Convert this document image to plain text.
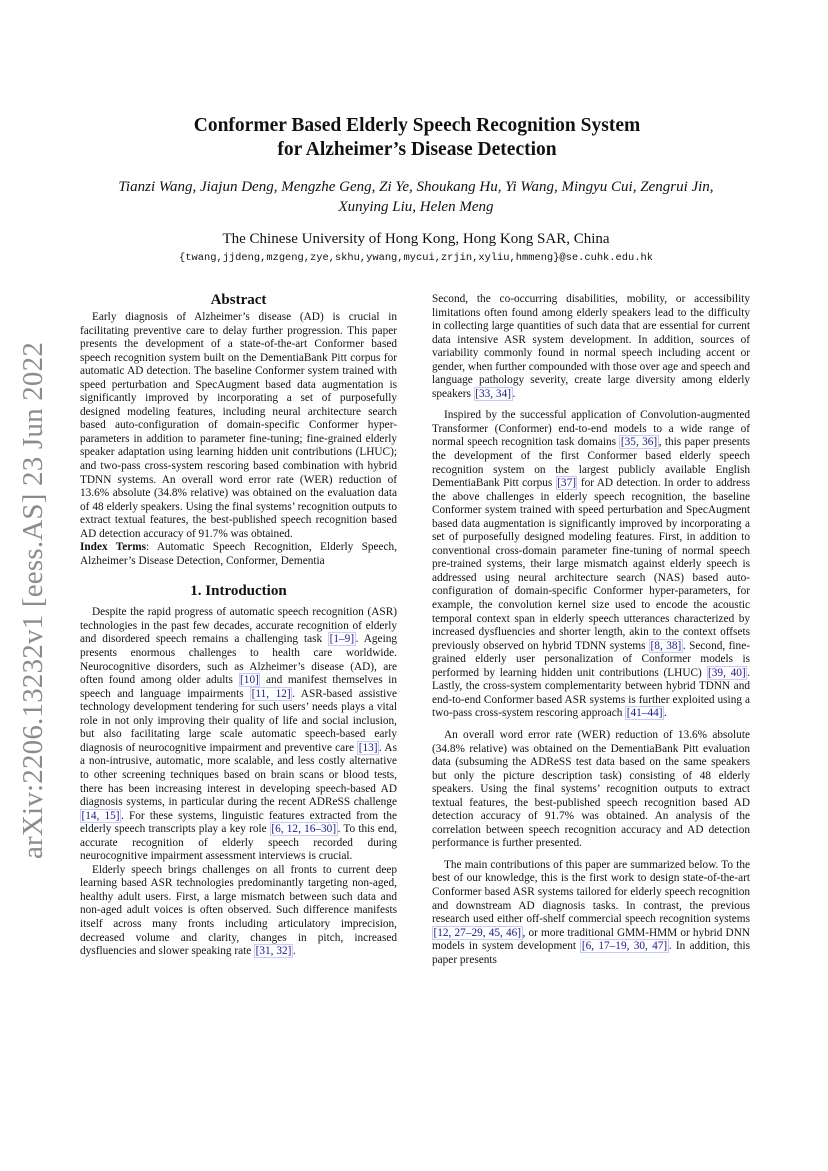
arXiv:2206.13232v1 [eess.AS] 23 Jun 2022
Conformer Based Elderly Speech Recognition System
for Alzheimer’s Disease Detection
Tianzi Wang, Jiajun Deng, Mengzhe Geng, Zi Ye, Shoukang Hu, Yi Wang, Mingyu Cui, Zengrui Jin,
Xunying Liu, Helen Meng
The Chinese University of Hong Kong, Hong Kong SAR, China
{twang,jjdeng,mzgeng,zye,skhu,ywang,mycui,zrjin,xyliu,hmmeng}@se.cuhk.edu.hk
Abstract

Early diagnosis of Alzheimer’s disease (AD) is crucial in facilitating preventive care to delay further progression. This paper presents the development of a state-of-the-art Conformer based speech recognition system built on the DementiaBank Pitt corpus for automatic AD detection. The baseline Conformer system trained with speed perturbation and SpecAugment based data augmentation is significantly improved by incorporating a set of purposefully designed modeling features, including neural architecture search based auto-configuration of domain-specific Conformer hyper-parameters in addition to parameter fine-tuning; fine-grained elderly speaker adaptation using learning hidden unit contributions (LHUC); and two-pass cross-system rescoring based combination with hybrid TDNN systems. An overall word error rate (WER) reduction of 13.6% absolute (34.8% relative) was obtained on the evaluation data of 48 elderly speakers. Using the final systems’ recognition outputs to extract textual features, the best-published speech recognition based AD detection accuracy of 91.7% was obtained.

Index Terms: Automatic Speech Recognition, Elderly Speech, Alzheimer’s Disease Detection, Conformer, Dementia

1. Introduction

Despite the rapid progress of automatic speech recognition (ASR) technologies in the past few decades, accurate recognition of elderly and disordered speech remains a challenging task [1–9] . Ageing presents enormous challenges to health care worldwide. Neurocognitive disorders, such as Alzheimer’s disease (AD), are often found among older adults [10] and manifest themselves in speech and language impairments [11, 12] . ASR-based assistive technology development tendering for such users’ needs plays a vital role in not only improving their quality of life and social inclusion, but also facilitating large scale automatic speech-based early diagnosis of neurocognitive impairment and preventive care [13] . As a non-intrusive, automatic, more scalable, and less costly alternative to other screening techniques based on brain scans or blood tests, there has been increasing interest in developing speech-based AD diagnosis systems, in particular during the recent ADReSS challenge [14, 15] . For these systems, linguistic features extracted from the elderly speech transcripts play a key role [6, 12, 16–30] . To this end, accurate recognition of elderly speech recorded during neurocognitive impairment assessment interviews is crucial.

Elderly speech brings challenges on all fronts to current deep learning based ASR technologies predominantly targeting non-aged, healthy adult users. First, a large mismatch between such data and non-aged adult voices is often observed. Such difference manifests itself across many fronts including articulatory imprecision, decreased volume and clarity, changes in pitch, increased dysfluencies and slower speaking rate [31, 32] .

Second, the co-occurring disabilities, mobility, or accessibility limitations often found among elderly speakers lead to the difficulty in collecting large quantities of such data that are essential for current data intensive ASR system development. In addition, sources of variability commonly found in normal speech including accent or gender, when further compounded with those over age and speech and language pathology severity, create large diversity among elderly speakers [33, 34] .

Inspired by the successful application of Convolution-augmented Transformer (Conformer) end-to-end models to a wide range of normal speech recognition task domains [35, 36] , this paper presents the development of the first Conformer based elderly speech recognition system on the largest publicly available English DementiaBank Pitt corpus [37] for AD detection. In order to address the above challenges in elderly speech recognition, the baseline Conformer system trained with speed perturbation and SpecAugment based data augmentation is significantly improved by incorporating a set of purposefully designed modeling features. First, in addition to conventional cross-domain parameter fine-tuning of normal speech pre-trained systems, their large mismatch against elderly speech is addressed using neural architecture search (NAS) based auto-configuration of domain-specific Conformer hyper-parameters, for example, the convolution kernel size used to encode the acoustic temporal context span in elderly speech utterances characterized by increased dysfluencies and shorter length, akin to the context offsets previously observed on hybrid TDNN systems [8, 38] . Second, fine-grained elderly user personalization of Conformer models is performed by learning hidden unit contributions (LHUC) [39, 40] . Lastly, the cross-system complementarity between hybrid TDNN and end-to-end Conformer based ASR systems is further exploited using a two-pass cross-system rescoring approach [41–44] .

An overall word error rate (WER) reduction of 13.6% absolute (34.8% relative) was obtained on the DementiaBank Pitt evaluation data (subsuming the ADReSS test data based on the same speakers but only the picture description task) consisting of 48 elderly speakers. Using the final systems’ recognition outputs to extract textual features, the best-published speech recognition based AD detection accuracy of 91.7% was obtained. An analysis of the correlation between speech recognition accuracy and AD detection performance is further presented.

The main contributions of this paper are summarized below. To the best of our knowledge, this is the first work to design state-of-the-art Conformer based ASR systems tailored for elderly speech recognition and downstream AD diagnosis tasks. In contrast, the previous research used either off-shelf commercial speech recognition systems [12, 27–29, 45, 46] , or more traditional GMM-HMM or hybrid DNN models in system development [6, 17–19, 30, 47] . In addition, this paper presents
